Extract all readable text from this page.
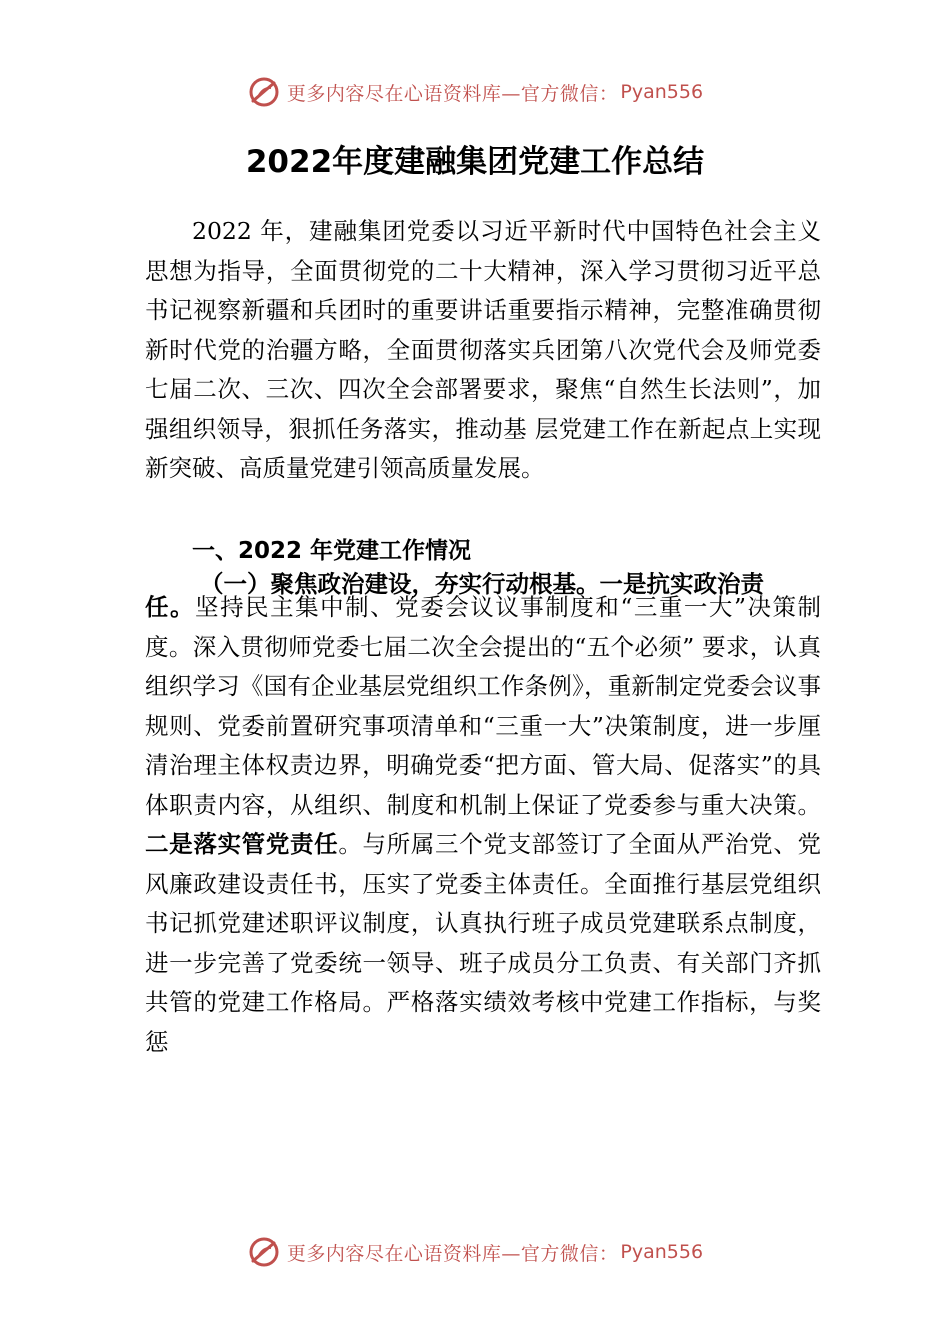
更多内容尽在心语资料库—官方微信： Pyan556
2022年度建融集团党建工作总结
2022 年，建融集团党委以习近平新时代中国特色社会主义思想为指导，全面贯彻党的二十大精神，深入学习贯彻习近平总书记视察新疆和兵团时的重要讲话重要指示精神，完整准确贯彻新时代党的治疆方略，全面贯彻落实兵团第八次党代会及师党委七届二次、三次、四次全会部署要求，聚焦“自然生长法则”，加强组织领导，狠抓任务落实，推动基 层党建工作在新起点上实现新突破、高质量党建引领高质量发展。
一、2022 年党建工作情况
（一）聚焦政治建设，夯实行动根基。一是抗实政治责
任。坚持民主集中制、党委会议议事制度和“三重一大”决策制度。深入贯彻师党委七届二次全会提出的“五个必须” 要求，认真组织学习《国有企业基层党组织工作条例》，重新制定党委会议事规则、党委前置研究事项清单和“三重一大”决策制度，进一步厘清治理主体权责边界，明确党委“把方面、管大局、促落实”的具体职责内容，从组织、制度和机制上保证了党委参与重大决策。二是落实管党责任。与所属三个党支部签订了全面从严治党、党风廉政建设责任书，压实了党委主体责任。全面推行基层党组织书记抓党建述职评议制度，认真执行班子成员党建联系点制度，进一步完善了党委统一领导、班子成员分工负责、有关部门齐抓共管的党建工作格局。严格落实绩效考核中党建工作指标，与奖惩
更多内容尽在心语资料库—官方微信： Pyan556
